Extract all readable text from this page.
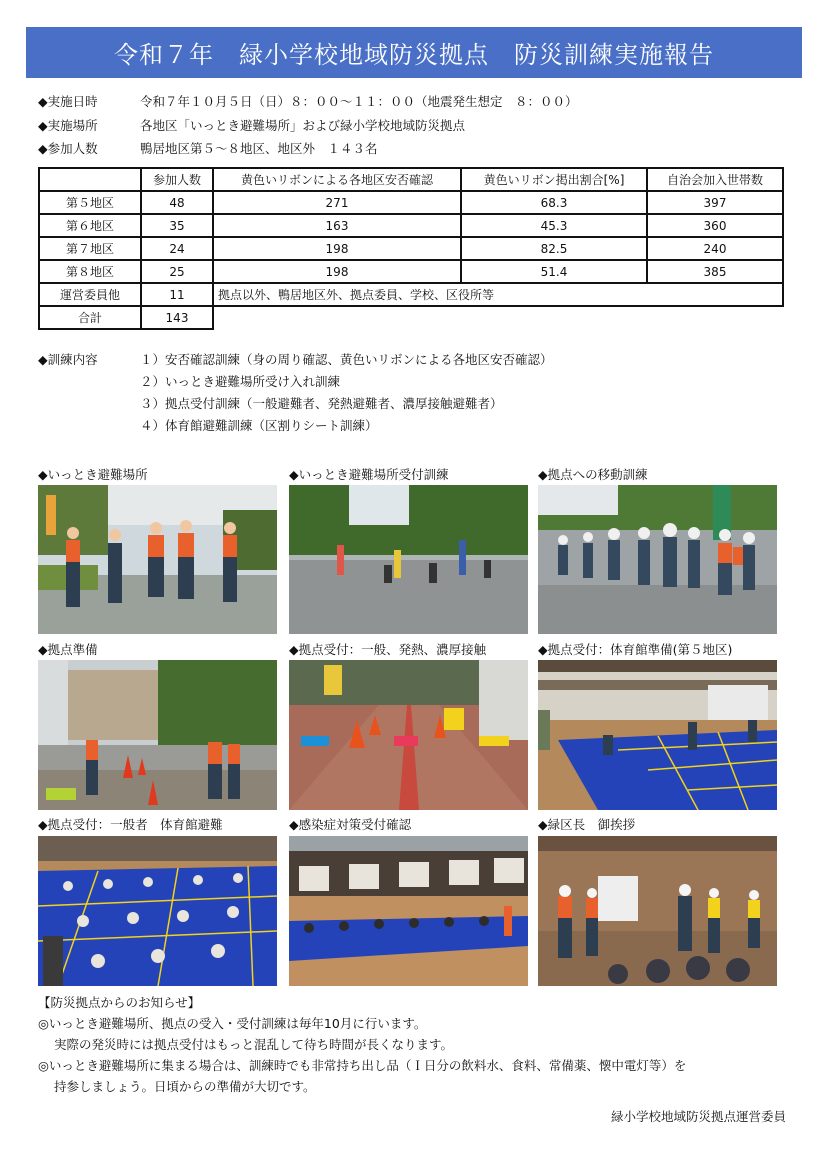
令和７年　緑小学校地域防災拠点　防災訓練実施報告
◆実施日時	令和７年１０月５日（日）８：００～１１：００（地震発生想定　８：００）
◆実施場所	各地区「いっとき避難場所」および緑小学校地域防災拠点
◆参加人数	鴨居地区第５～８地区、地区外　１４３名
	参加人数	黄色いリボンによる各地区安否確認	黄色いリボン掲出割合[%]	自治会加入世帯数
第５地区	48	271	68.3	397
第６地区	35	163	45.3	360
第７地区	24	198	82.5	240
第８地区	25	198	51.4	385
運営委員他	11	拠点以外、鴨居地区外、拠点委員、学校、区役所等		
合計	143			
◆訓練内容	１）安否確認訓練（身の周り確認、黄色いリボンによる各地区安否確認）
２）いっとき避難場所受け入れ訓練
３）拠点受付訓練（一般避難者、発熱避難者、濃厚接触避難者）
４）体育館避難訓練（区割りシート訓練）
◆いっとき避難場所	◆いっとき避難場所受付訓練	◆拠点への移動訓練
◆拠点準備	◆拠点受付：一般、発熱、濃厚接触	◆拠点受付：体育館準備(第５地区)
◆拠点受付：一般者　体育館避難	◆感染症対策受付確認	◆緑区長　御挨拶
【防災拠点からのお知らせ】
◎いっとき避難場所、拠点の受入・受付訓練は毎年10月に行います。
実際の発災時には拠点受付はもっと混乱して待ち時間が長くなります。
◎いっとき避難場所に集まる場合は、訓練時でも非常持ち出し品（Ｉ日分の飲料水、食料、常備薬、懐中電灯等）を
持参しましょう。日頃からの準備が大切です。
緑小学校地域防災拠点運営委員
